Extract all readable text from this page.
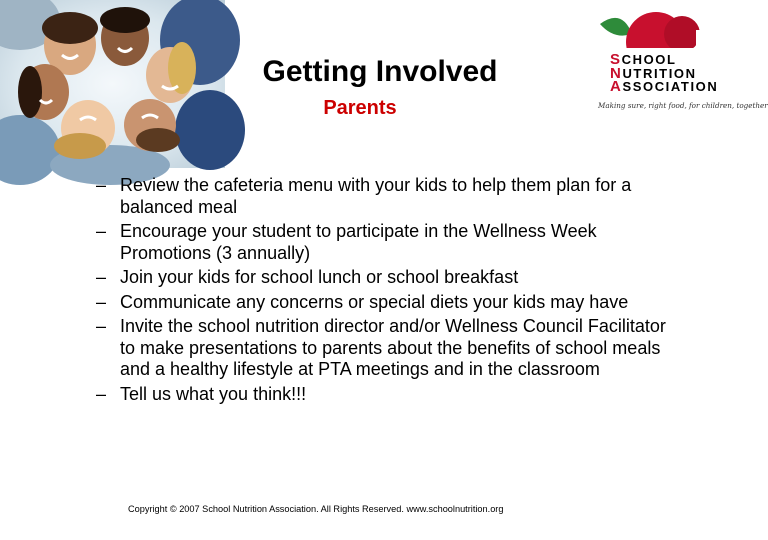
Getting Involved
Parents
SCHOOL
NUTRITION
ASSOCIATION
Making sure, right food, for children, together
– Review the cafeteria menu with your kids to help them plan for a balanced meal
– Encourage your student to participate in the Wellness Week Promotions (3 annually)
– Join your kids for school lunch or school breakfast
– Communicate any concerns or special diets your kids may have
– Invite the school nutrition director and/or Wellness Council Facilitator to make presentations to parents about the benefits of school meals and a healthy lifestyle at PTA meetings and in the classroom
– Tell us what you think!!!
Copyright © 2007 School Nutrition Association. All Rights Reserved. www.schoolnutrition.org
